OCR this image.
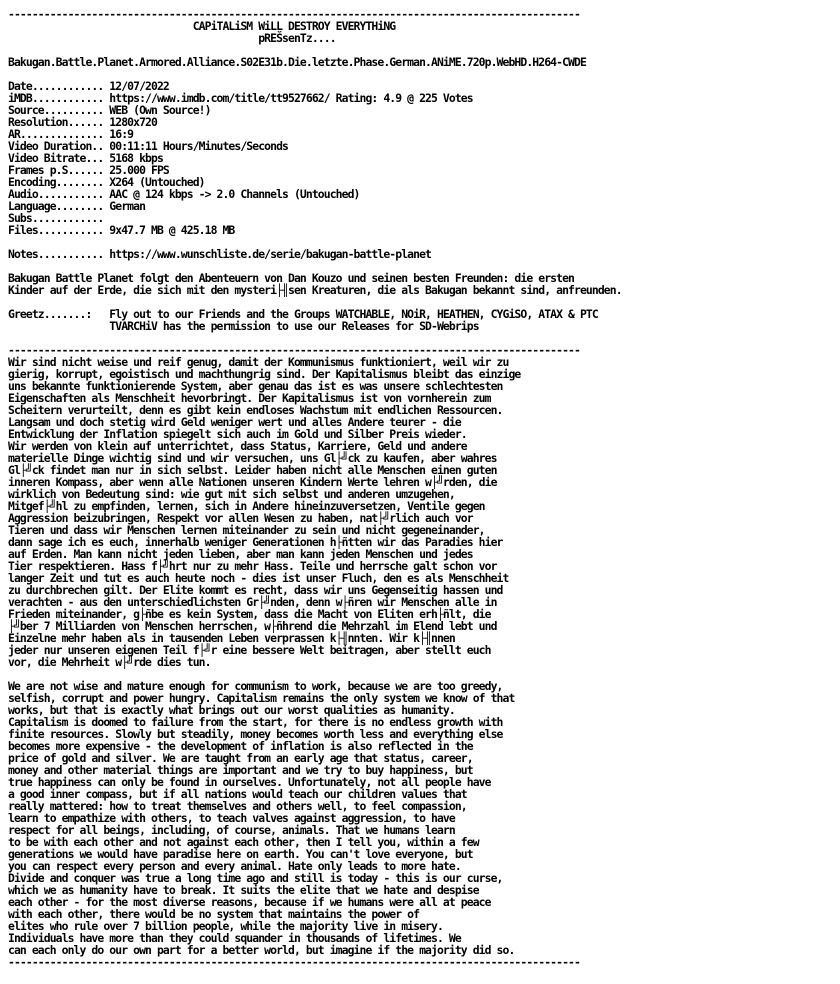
------------------------------------------------------------------------------------------------
CAPiTALiSM WiLL DESTROY EVERYTHiNG
pREŠsenTz....
Bakugan.Battle.Planet.Armored.Alliance.S02E31b.Die.letzte.Phase.German.ANiME.720p.WebHD.H264-CWDE
Date............ 12/07/2022
iMDB............ https://www.imdb.com/title/tt9527662/ Rating: 4.9 @ 225 Votes
Source.......... WEB (Own Source!)
Resolution...... 1280x720
AR.............. 16:9
Video Duration.. 00:11:11 Hours/Minutes/Seconds
Video Bitrate... 5168 kbps
Frames p.S...... 25.000 FPS
Encoding........ X264 (Untouched)
Audio........... AAC @ 124 kbps -> 2.0 Channels (Untouched)
Language........ German
Subs............
Files........... 9x47.7 MB @ 425.18 MB
Notes........... https://www.wunschliste.de/serie/bakugan-battle-planet
Bakugan Battle Planet folgt den Abenteuern von Dan Kouzo und seinen besten Freunden: die ersten
Kinder auf der Erde, die sich mit den mysteri├╢sen Kreaturen, die als Bakugan bekannt sind, anfreunden.
Greetz.......:   Fly out to our Friends and the Groups WATCHABLE, NOiR, HEATHEN, CYGiSO, ATAX & PTC
TVARCHiV has the permission to use our Releases for SD-Webrips
------------------------------------------------------------------------------------------------
Wir sind nicht weise und reif genug, damit der Kommunismus funktioniert, weil wir zu
gierig, korrupt, egoistisch und machthungrig sind. Der Kapitalismus bleibt das einzige
uns bekannte funktionierende System, aber genau das ist es was unsere schlechtesten
Eigenschaften als Menschheit hevorbringt. Der Kapitalismus ist von vornherein zum
Scheitern verurteilt, denn es gibt kein endloses Wachstum mit endlichen Ressourcen.
Langsam und doch stetig wird Geld weniger wert und alles Andere teurer - die
Entwicklung der Inflation spiegelt sich auch im Gold und Silber Preis wieder.
Wir werden von klein auf unterrichtet, dass Status, Karriere, Geld und andere
materielle Dinge wichtig sind und wir versuchen, uns Gl├╝ck zu kaufen, aber wahres
Gl├╝ck findet man nur in sich selbst. Leider haben nicht alle Menschen einen guten
inneren Kompass, aber wenn alle Nationen unseren Kindern Werte lehren w├╝rden, die
wirklich von Bedeutung sind: wie gut mit sich selbst und anderen umzugehen,
Mitgef├╝hl zu empfinden, lernen, sich in Andere hineinzuversetzen, Ventile gegen
Aggression beizubringen, Respekt vor allen Wesen zu haben, nat├╝rlich auch vor
Tieren und dass wir Menschen lernen miteinander zu sein und nicht gegeneinander,
dann sage ich es euch, innerhalb weniger Generationen h├ñtten wir das Paradies hier
auf Erden. Man kann nicht jeden lieben, aber man kann jeden Menschen und jedes
Tier respektieren. Hass f├╝hrt nur zu mehr Hass. Teile und herrsche galt schon vor
langer Zeit und tut es auch heute noch - dies ist unser Fluch, den es als Menschheit
zu durchbrechen gilt. Der Elite kommt es recht, dass wir uns Gegenseitig hassen und
verachten - aus den unterschiedlichsten Gr├╝nden, denn w├ñren wir Menschen alle in
Frieden miteinander, g├ñbe es kein System, dass die Macht von Eliten erh├ñlt, die
├╝ber 7 Milliarden von Menschen herrschen, w├ñhrend die Mehrzahl im Elend lebt und
Einzelne mehr haben als in tausenden Leben verprassen k├╢nnten. Wir k├╢nnen
jeder nur unseren eigenen Teil f├╝r eine bessere Welt beitragen, aber stellt euch
vor, die Mehrheit w├╝rde dies tun.
We are not wise and mature enough for communism to work, because we are too greedy,
selfish, corrupt and power hungry. Capitalism remains the only system we know of that
works, but that is exactly what brings out our worst qualities as humanity.
Capitalism is doomed to failure from the start, for there is no endless growth with
finite resources. Slowly but steadily, money becomes worth less and everything else
becomes more expensive - the development of inflation is also reflected in the
price of gold and silver. We are taught from an early age that status, career,
money and other material things are important and we try to buy happiness, but
true happiness can only be found in ourselves. Unfortunately, not all people have
a good inner compass, but if all nations would teach our children values that
really mattered: how to treat themselves and others well, to feel compassion,
learn to empathize with others, to teach valves against aggression, to have
respect for all beings, including, of course, animals. That we humans learn
to be with each other and not against each other, then I tell you, within a few
generations we would have paradise here on earth. You can't love everyone, but
you can respect every person and every animal. Hate only leads to more hate.
Divide and conquer was true a long time ago and still is today - this is our curse,
which we as humanity have to break. It suits the elite that we hate and despise
each other - for the most diverse reasons, because if we humans were all at peace
with each other, there would be no system that maintains the power of
elites who rule over 7 billion people, while the majority live in misery.
Individuals have more than they could squander in thousands of lifetimes. We
can each only do our own part for a better world, but imagine if the majority did so.
------------------------------------------------------------------------------------------------
